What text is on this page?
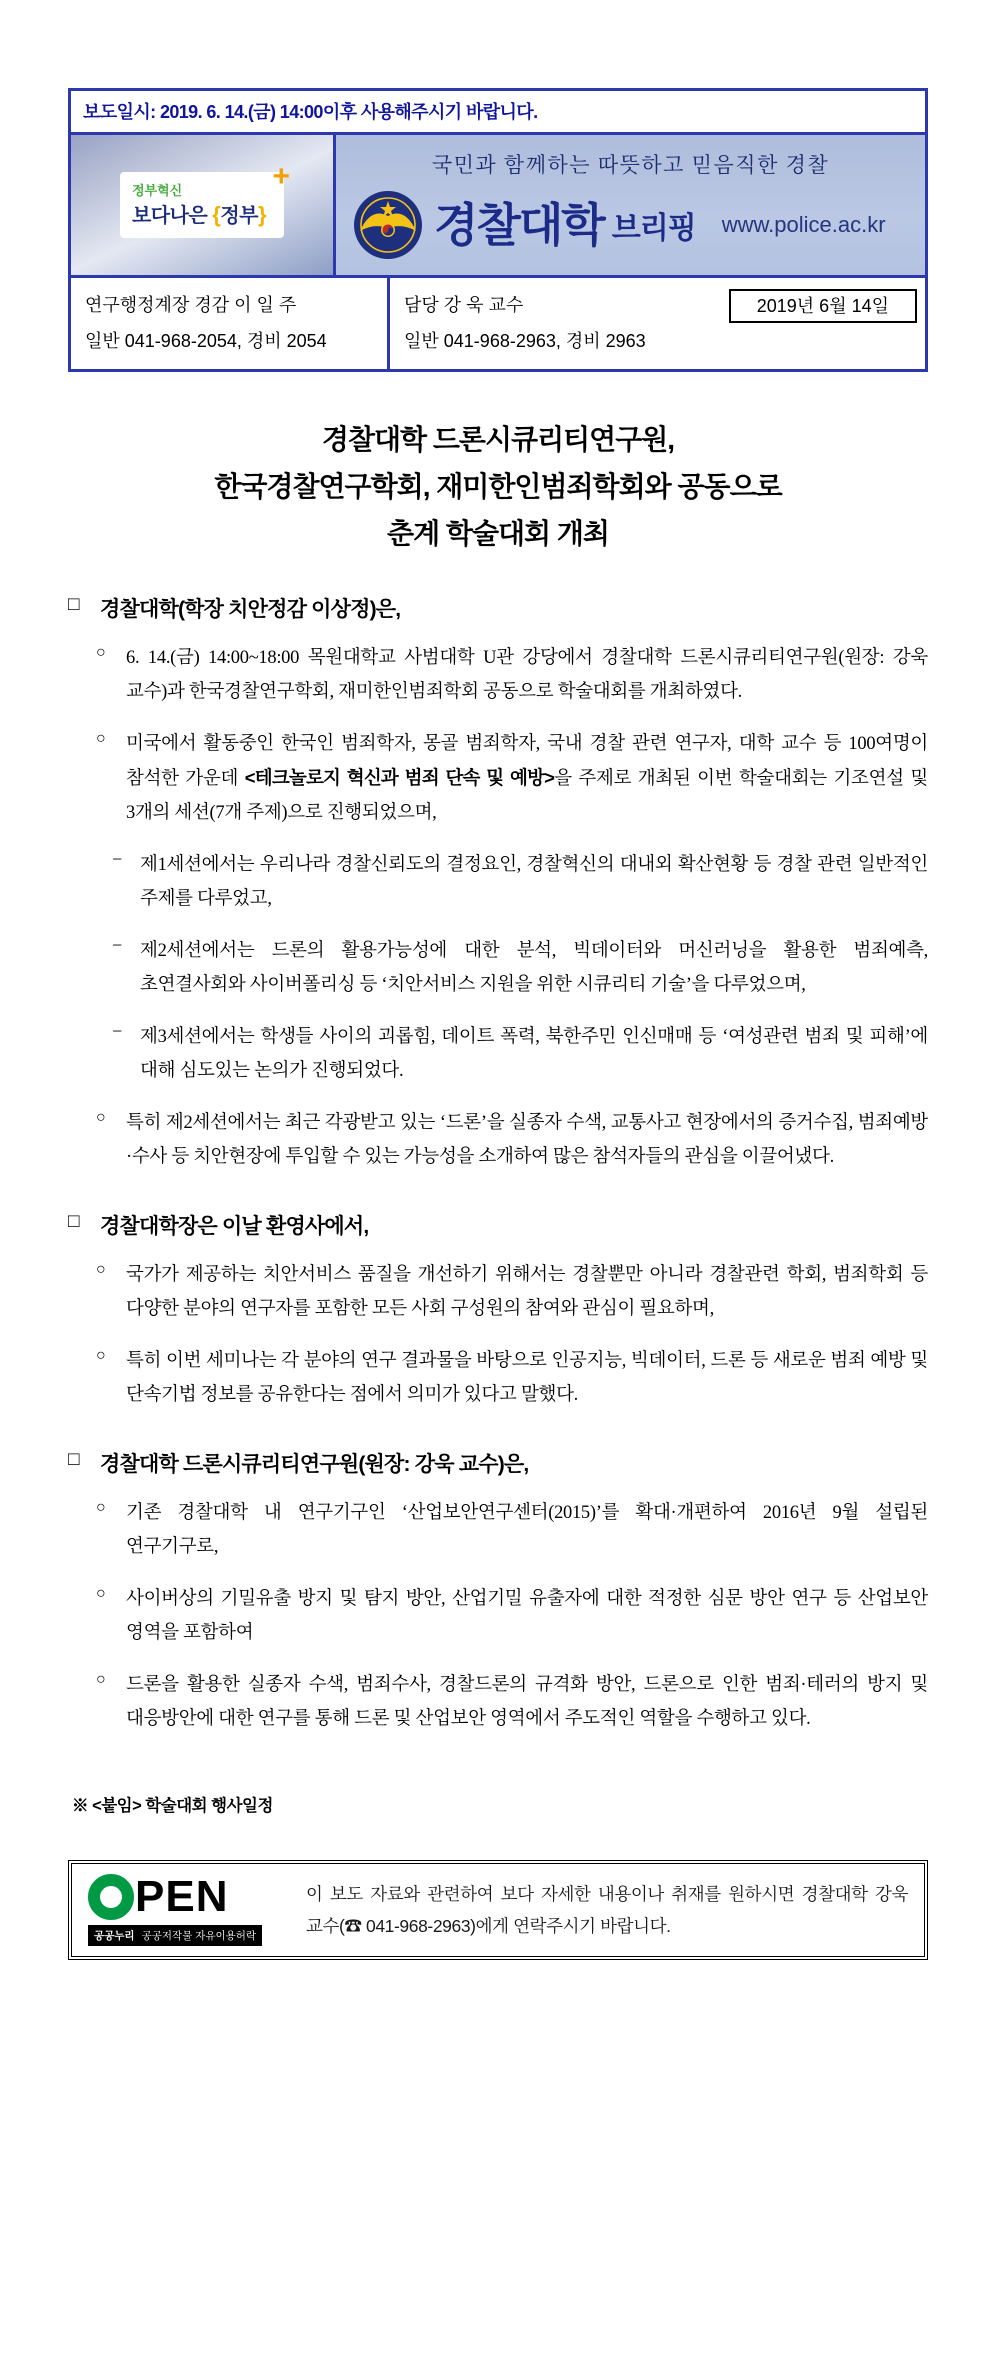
보도일시: 2019. 6. 14.(금) 14:00이후 사용해주시기 바랍니다.
+
정부혁신
보다나은 {정부}
국민과 함께하는 따뜻하고 믿음직한 경찰
경찰대학 브리핑 www.police.ac.kr
연구행정계장 경감 이 일 주
일반 041-968-2054, 경비 2054
담당 강 욱 교수	2019년 6월 14일
일반 041-968-2963, 경비 2963
경찰대학 드론시큐리티연구원,
한국경찰연구학회, 재미한인범죄학회와 공동으로
춘계 학술대회 개최
□	경찰대학(학장 치안정감 이상정)은,
○	6. 14.(금) 14:00~18:00 목원대학교 사범대학 U관 강당에서 경찰대학 드론시큐리티연구원(원장: 강욱 교수)과 한국경찰연구학회, 재미한인범죄학회 공동으로 학술대회를 개최하였다.

○	미국에서 활동중인 한국인 범죄학자, 몽골 범죄학자, 국내 경찰 관련 연구자, 대학 교수 등 100여명이 참석한 가운데 <테크놀로지 혁신과 범죄 단속 및 예방>을 주제로 개최된 이번 학술대회는 기조연설 및 3개의 세션(7개 주제)으로 진행되었으며,

− 제1세션에서는 우리나라 경찰신뢰도의 결정요인, 경찰혁신의 대내외 확산현황 등 경찰 관련 일반적인 주제를 다루었고,

− 제2세션에서는 드론의 활용가능성에 대한 분석, 빅데이터와 머신러닝을 활용한 범죄예측, 초연결사회와 사이버폴리싱 등 ‘치안서비스 지원을 위한 시큐리티 기술’을 다루었으며,

− 제3세션에서는 학생들 사이의 괴롭힘, 데이트 폭력, 북한주민 인신매매 등 ‘여성관련 범죄 및 피해’에 대해 심도있는 논의가 진행되었다.

○	특히 제2세션에서는 최근 각광받고 있는 ‘드론’을 실종자 수색, 교통사고 현장에서의 증거수집, 범죄예방·수사 등 치안현장에 투입할 수 있는 가능성을 소개하여 많은 참석자들의 관심을 이끌어냈다.

□	경찰대학장은 이날 환영사에서,
○	국가가 제공하는 치안서비스 품질을 개선하기 위해서는 경찰뿐만 아니라 경찰관련 학회, 범죄학회 등 다양한 분야의 연구자를 포함한 모든 사회 구성원의 참여와 관심이 필요하며,

○	특히 이번 세미나는 각 분야의 연구 결과물을 바탕으로 인공지능, 빅데이터, 드론 등 새로운 범죄 예방 및 단속기법 정보를 공유한다는 점에서 의미가 있다고 말했다.

□	경찰대학 드론시큐리티연구원(원장: 강욱 교수)은,
○	기존 경찰대학 내 연구기구인 ‘산업보안연구센터(2015)’를 확대·개편하여 2016년 9월 설립된 연구기구로,

○	사이버상의 기밀유출 방지 및 탐지 방안, 산업기밀 유출자에 대한 적정한 심문 방안 연구 등 산업보안 영역을 포함하여

○	드론을 활용한 실종자 수색, 범죄수사, 경찰드론의 규격화 방안, 드론으로 인한 범죄·테러의 방지 및 대응방안에 대한 연구를 통해 드론 및 산업보안 영역에서 주도적인 역할을 수행하고 있다.

※ <붙임> 학술대회 행사일정
PEN
공공누리 공공저작물 자유이용허락
이 보도 자료와 관련하여 보다 자세한 내용이나 취재를 원하시면 경찰대학 강욱 교수(☎ 041-968-2963)에게 연락주시기 바랍니다.
